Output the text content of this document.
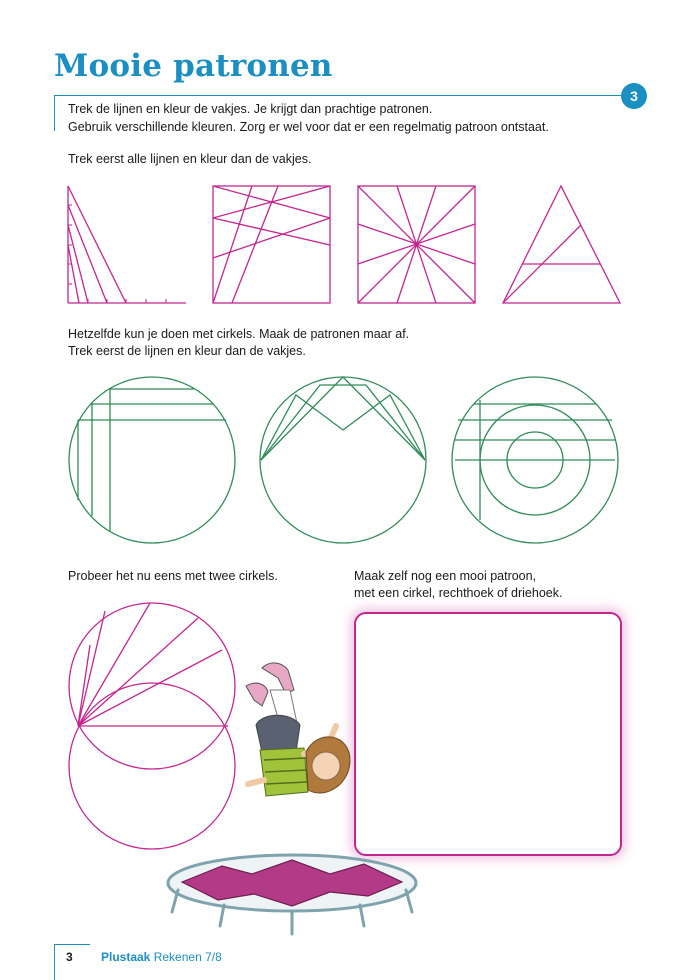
Mooie patronen
3
Trek de lijnen en kleur de vakjes. Je krijgt dan prachtige patronen.
Gebruik verschillende kleuren. Zorg er wel voor dat er een regelmatig patroon ontstaat.
Trek eerst alle lijnen en kleur dan de vakjes.
Hetzelfde kun je doen met cirkels. Maak de patronen maar af.
Trek eerst de lijnen en kleur dan de vakjes.
Probeer het nu eens met twee cirkels.	Maak zelf nog een mooi patroon,
met een cirkel, rechthoek of driehoek.
3 Plustaak Rekenen 7/8
